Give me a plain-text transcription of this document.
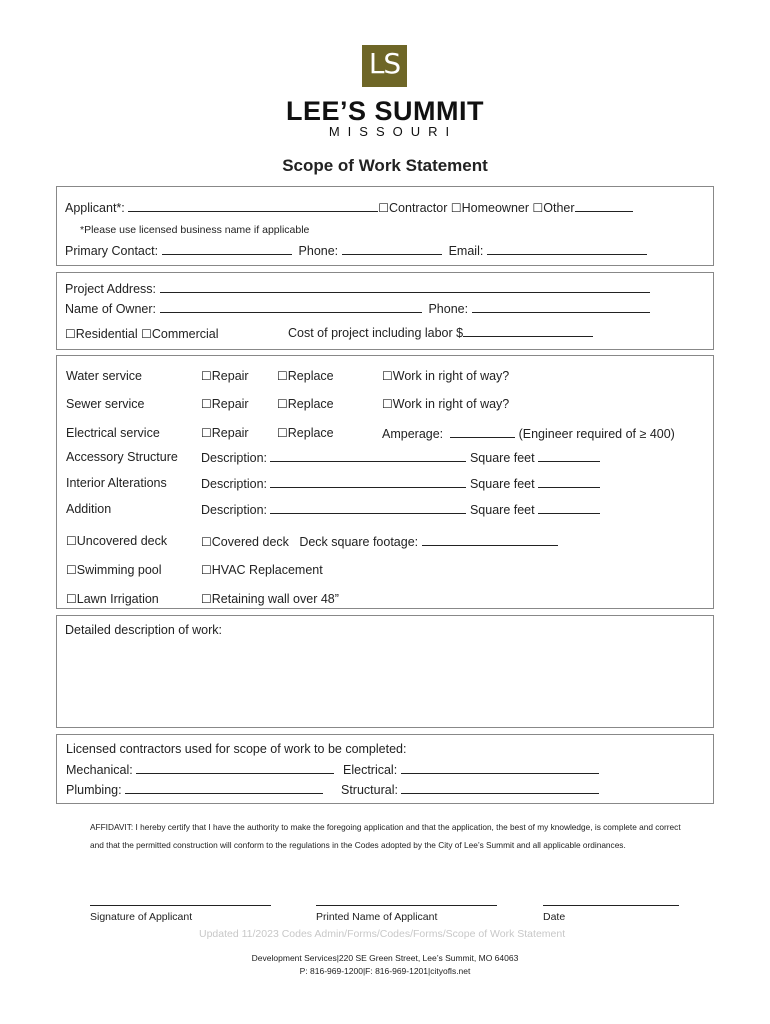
LS
LEE’S SUMMIT
MISSOURI
Scope of Work Statement
Applicant*:	☐Contractor ☐Homeowner ☐Other
*Please use licensed business name if applicable
Primary Contact:	Phone:	Email:
Project Address:
Name of Owner:	Phone:
☐Residential ☐Commercial	Cost of project including labor $
Water service	☐Repair ☐Replace	☐Work in right of way?
Sewer service	☐Repair ☐Replace	☐Work in right of way?
Electrical service	☐Repair ☐Replace	Amperage:	(Engineer required of ≥ 400)
Accessory Structure Description:	Square feet
Interior Alterations	Description:	Square feet
Addition	Description:	Square feet
☐Uncovered deck	☐Covered deck Deck square footage:
☐Swimming pool	☐HVAC Replacement
☐Lawn Irrigation	☐Retaining wall over 48”
Detailed description of work:
Licensed contractors used for scope of work to be completed:
Mechanical:	Electrical:
Plumbing:	Structural:
AFFIDAVIT: I hereby certify that I have the authority to make the foregoing application and that the application, the best of my knowledge, is complete and correct and that the permitted construction will conform to the regulations in the Codes adopted by the City of Lee’s Summit and all applicable ordinances.
Signature of Applicant	Printed Name of Applicant	Date
Updated 11/2023 Codes Admin/Forms/Codes/Forms/Scope of Work Statement
Development Services|220 SE Green Street, Lee’s Summit, MO 64063
P: 816-969-1200|F: 816-969-1201|cityofls.net
